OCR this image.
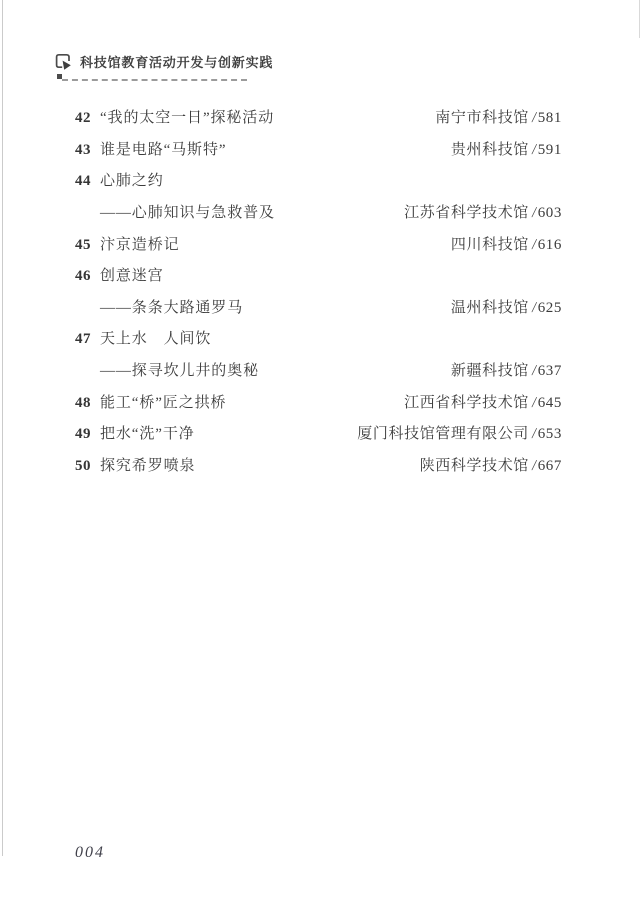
科技馆教育活动开发与创新实践
42 “我的太空一日”探秘活动	南宁市科技馆 /581
43 谁是电路“马斯特”	贵州科技馆 /591
44 心肺之约
——心肺知识与急救普及	江苏省科学技术馆 /603
45 汴京造桥记	四川科技馆 /616
46 创意迷宫
——条条大路通罗马	温州科技馆 /625
47 天上水　人间饮
——探寻坎儿井的奥秘	新疆科技馆 /637
48 能工“桥”匠之拱桥	江西省科学技术馆 /645
49 把水“洗”干净	厦门科技馆管理有限公司 /653
50 探究希罗喷泉	陕西科学技术馆 /667
004
